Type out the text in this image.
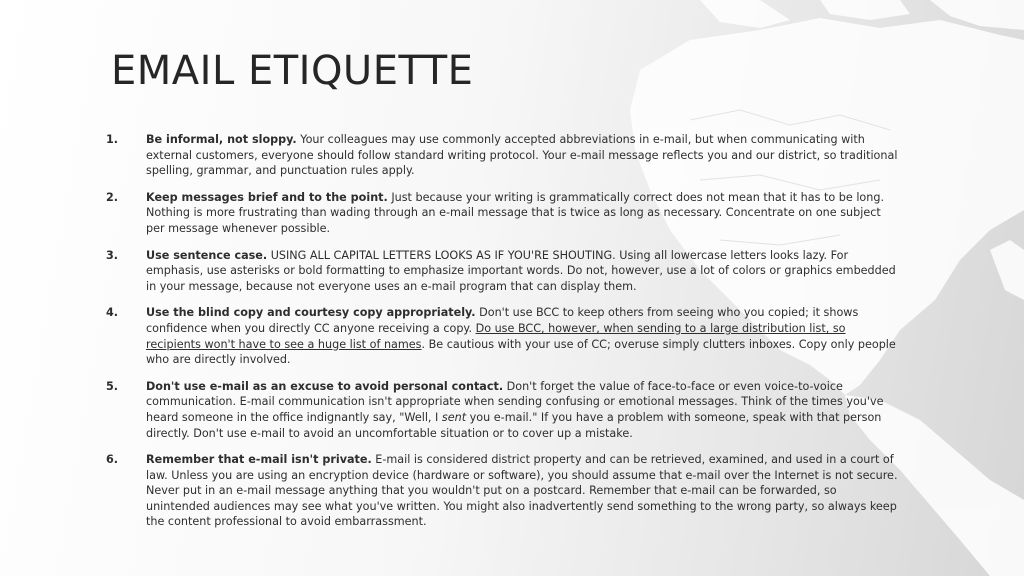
EMAIL ETIQUETTE
1. Be informal, not sloppy. Your colleagues may use commonly accepted abbreviations in e-mail, but when communicating with external customers, everyone should follow standard writing protocol. Your e-mail message reflects you and our district, so traditional spelling, grammar, and punctuation rules apply.
2. Keep messages brief and to the point. Just because your writing is grammatically correct does not mean that it has to be long. Nothing is more frustrating than wading through an e-mail message that is twice as long as necessary. Concentrate on one subject per message whenever possible.
3. Use sentence case. USING ALL CAPITAL LETTERS LOOKS AS IF YOU'RE SHOUTING. Using all lowercase letters looks lazy. For emphasis, use asterisks or bold formatting to emphasize important words. Do not, however, use a lot of colors or graphics embedded in your message, because not everyone uses an e-mail program that can display them.
4. Use the blind copy and courtesy copy appropriately. Don't use BCC to keep others from seeing who you copied; it shows confidence when you directly CC anyone receiving a copy. Do use BCC, however, when sending to a large distribution list, so recipients won't have to see a huge list of names. Be cautious with your use of CC; overuse simply clutters inboxes. Copy only people who are directly involved.
5. Don't use e-mail as an excuse to avoid personal contact. Don't forget the value of face-to-face or even voice-to-voice communication. E-mail communication isn't appropriate when sending confusing or emotional messages. Think of the times you've heard someone in the office indignantly say, "Well, I sent you e-mail." If you have a problem with someone, speak with that person directly. Don't use e-mail to avoid an uncomfortable situation or to cover up a mistake.
6. Remember that e-mail isn't private. E-mail is considered district property and can be retrieved, examined, and used in a court of law. Unless you are using an encryption device (hardware or software), you should assume that e-mail over the Internet is not secure. Never put in an e-mail message anything that you wouldn't put on a postcard. Remember that e-mail can be forwarded, so unintended audiences may see what you've written. You might also inadvertently send something to the wrong party, so always keep the content professional to avoid embarrassment.
